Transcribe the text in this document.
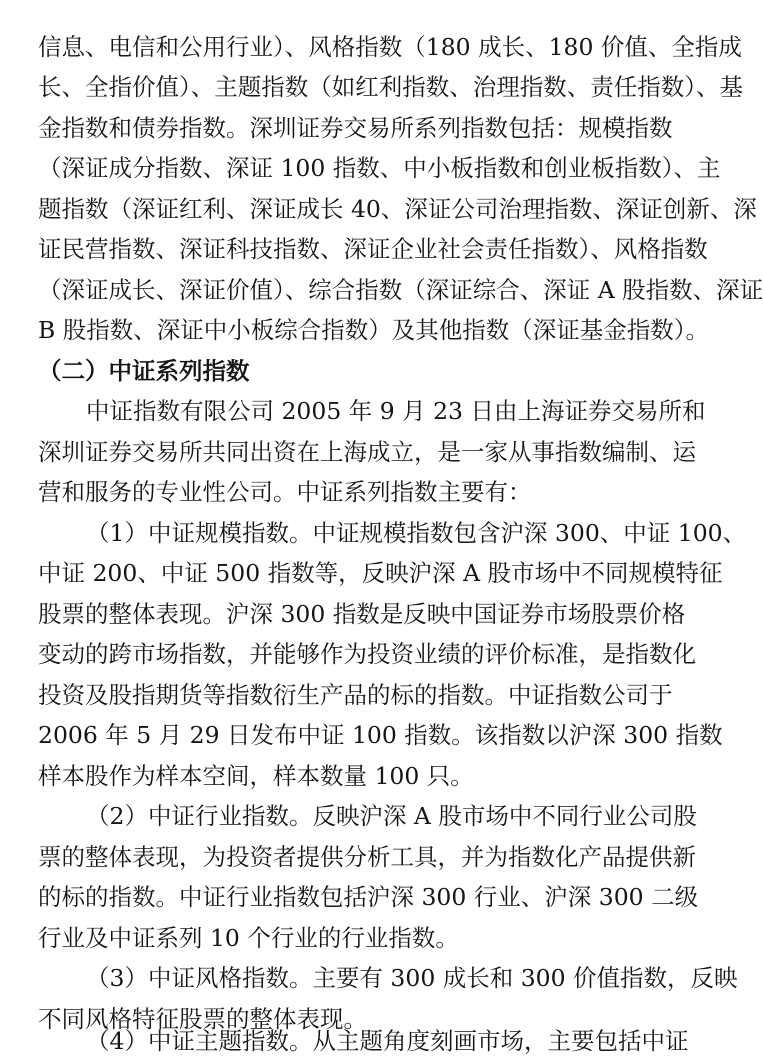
信息、电信和公用行业）、风格指数（180 成长、180 价值、全指成
长、全指价值）、主题指数（如红利指数、治理指数、责任指数）、基
金指数和债券指数。深圳证券交易所系列指数包括：规模指数
（深证成分指数、深证 100 指数、中小板指数和创业板指数）、主
题指数（深证红利、深证成长 40、深证公司治理指数、深证创新、深
证民营指数、深证科技指数、深证企业社会责任指数）、风格指数
（深证成长、深证价值）、综合指数（深证综合、深证 A 股指数、深证
B 股指数、深证中小板综合指数）及其他指数（深证基金指数）。
（二）中证系列指数
中证指数有限公司 2005 年 9 月 23 日由上海证券交易所和
深圳证券交易所共同出资在上海成立，是一家从事指数编制、运
营和服务的专业性公司。中证系列指数主要有：
（1）中证规模指数。中证规模指数包含沪深 300、中证 100、
中证 200、中证 500 指数等，反映沪深 A 股市场中不同规模特征
股票的整体表现。沪深 300 指数是反映中国证券市场股票价格
变动的跨市场指数，并能够作为投资业绩的评价标准，是指数化
投资及股指期货等指数衍生产品的标的指数。中证指数公司于
2006 年 5 月 29 日发布中证 100 指数。该指数以沪深 300 指数
样本股作为样本空间，样本数量 100 只。
（2）中证行业指数。反映沪深 A 股市场中不同行业公司股
票的整体表现，为投资者提供分析工具，并为指数化产品提供新
的标的指数。中证行业指数包括沪深 300 行业、沪深 300 二级
行业及中证系列 10 个行业的行业指数。
（3）中证风格指数。主要有 300 成长和 300 价值指数，反映
不同风格特征股票的整体表现。
（4）中证主题指数。从主题角度刻画市场，主要包括中证
